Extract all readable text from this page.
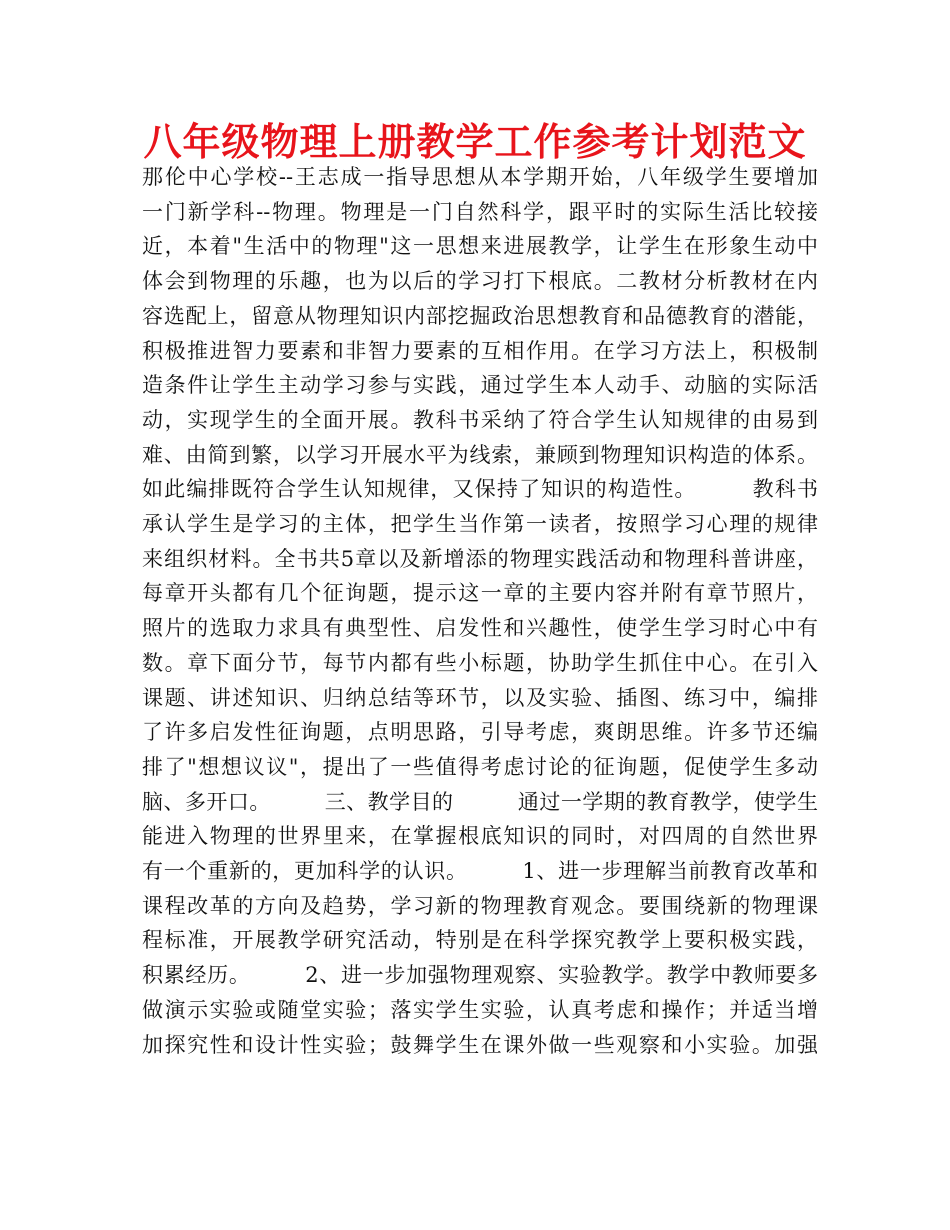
八年级物理上册教学工作参考计划范文
那伦中心学校--王志成一指导思想从本学期开始，八年级学生要增加
一门新学科--物理。物理是一门自然科学，跟平时的实际生活比较接
近，本着"生活中的物理"这一思想来进展教学，让学生在形象生动中
体会到物理的乐趣，也为以后的学习打下根底。二教材分析教材在内
容选配上，留意从物理知识内部挖掘政治思想教育和品德教育的潜能，
积极推进智力要素和非智力要素的互相作用。在学习方法上，积极制
造条件让学生主动学习参与实践，通过学生本人动手、动脑的实际活
动，实现学生的全面开展。教科书采纳了符合学生认知规律的由易到
难、由简到繁，以学习开展水平为线索，兼顾到物理知识构造的体系。
如此编排既符合学生认知规律，又保持了知识的构造性。　　　教科书
承认学生是学习的主体，把学生当作第一读者，按照学习心理的规律
来组织材料。全书共5章以及新增添的物理实践活动和物理科普讲座，
每章开头都有几个征询题，提示这一章的主要内容并附有章节照片，
照片的选取力求具有典型性、启发性和兴趣性，使学生学习时心中有
数。章下面分节，每节内都有些小标题，协助学生抓住中心。在引入
课题、讲述知识、归纳总结等环节，以及实验、插图、练习中，编排
了许多启发性征询题，点明思路，引导考虑，爽朗思维。许多节还编
排了"想想议议"，提出了一些值得考虑讨论的征询题，促使学生多动
脑、多开口。　　　三、教学目的　　　通过一学期的教育教学，使学生
能进入物理的世界里来，在掌握根底知识的同时，对四周的自然世界
有一个重新的，更加科学的认识。　　　1、进一步理解当前教育改革和
课程改革的方向及趋势，学习新的物理教育观念。要围绕新的物理课
程标准，开展教学研究活动，特别是在科学探究教学上要积极实践，
积累经历。　　　2、进一步加强物理观察、实验教学。教学中教师要多
做演示实验或随堂实验；落实学生实验，认真考虑和操作；并适当增
加探究性和设计性实验；鼓舞学生在课外做一些观察和小实验。加强
